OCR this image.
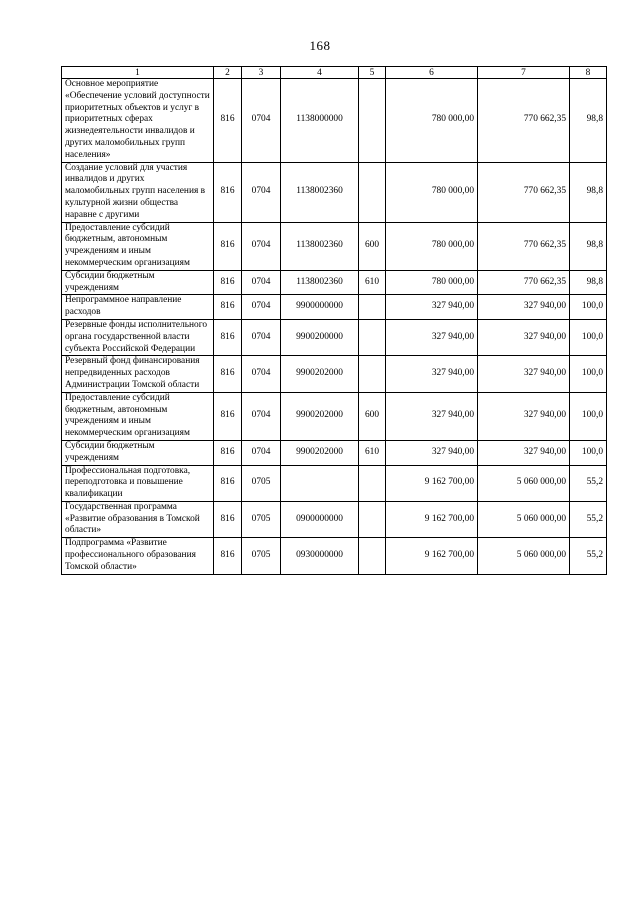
168
1	2	3	4	5	6	7	8
Основное мероприятие «Обеспечение условий доступности приоритетных объектов и услуг в приоритетных сферах жизнедеятельности инвалидов и других маломобильных групп населения»	816	0704	1138000000		780 000,00	770 662,35	98,8
Создание условий для участия инвалидов и других маломобильных групп населения в культурной жизни общества наравне с другими	816	0704	1138002360		780 000,00	770 662,35	98,8
Предоставление субсидий бюджетным, автономным учреждениям и иным некоммерческим организациям	816	0704	1138002360	600	780 000,00	770 662,35	98,8
Субсидии бюджетным учреждениям	816	0704	1138002360	610	780 000,00	770 662,35	98,8
Непрограммное направление расходов	816	0704	9900000000		327 940,00	327 940,00	100,0
Резервные фонды исполнительного органа государственной власти субъекта Российской Федерации	816	0704	9900200000		327 940,00	327 940,00	100,0
Резервный фонд финансирования непредвиденных расходов Администрации Томской области	816	0704	9900202000		327 940,00	327 940,00	100,0
Предоставление субсидий бюджетным, автономным учреждениям и иным некоммерческим организациям	816	0704	9900202000	600	327 940,00	327 940,00	100,0
Субсидии бюджетным учреждениям	816	0704	9900202000	610	327 940,00	327 940,00	100,0
Профессиональная подготовка, переподготовка и повышение квалификации	816	0705			9 162 700,00	5 060 000,00	55,2
Государственная программа «Развитие образования в Томской области»	816	0705	0900000000		9 162 700,00	5 060 000,00	55,2
Подпрограмма «Развитие профессионального образования Томской области»	816	0705	0930000000		9 162 700,00	5 060 000,00	55,2
